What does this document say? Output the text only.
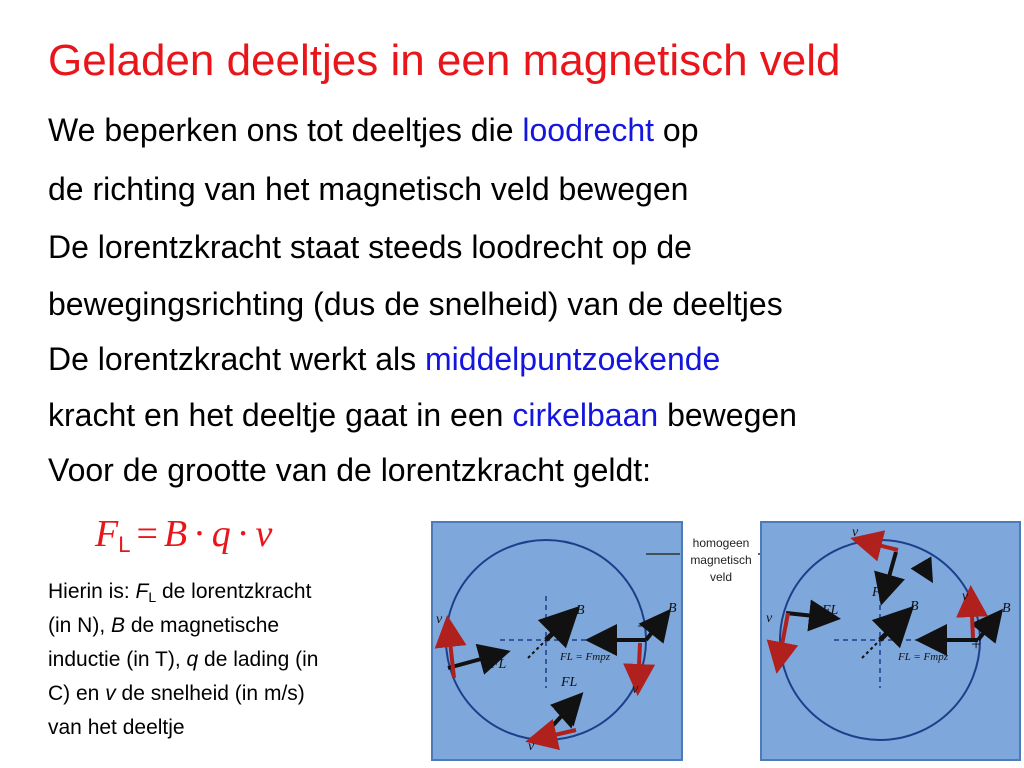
Geladen deeltjes in een magnetisch veld
We beperken ons tot deeltjes die loodrecht op
de richting van het magnetisch veld bewegen
De lorentzkracht staat steeds loodrecht op de
bewegingsrichting (dus de snelheid) van de deeltjes
De lorentzkracht werkt als middelpuntzoekende
kracht en het deeltje gaat in een cirkelbaan bewegen
Voor de grootte van de lorentzkracht geldt:
FL = B · q · v
Hierin is: FL de lorentzkracht
(in N), B de magnetische
inductie (in T), q de lading (in
C) en v de snelheid (in m/s)
van het deeltje
v
v
v
B	B
FL
FL
FL = Fmpz
−
homogeen
magnetisch
veld
v
v
v
B	B
FL
FL
FL = Fmpz
+
